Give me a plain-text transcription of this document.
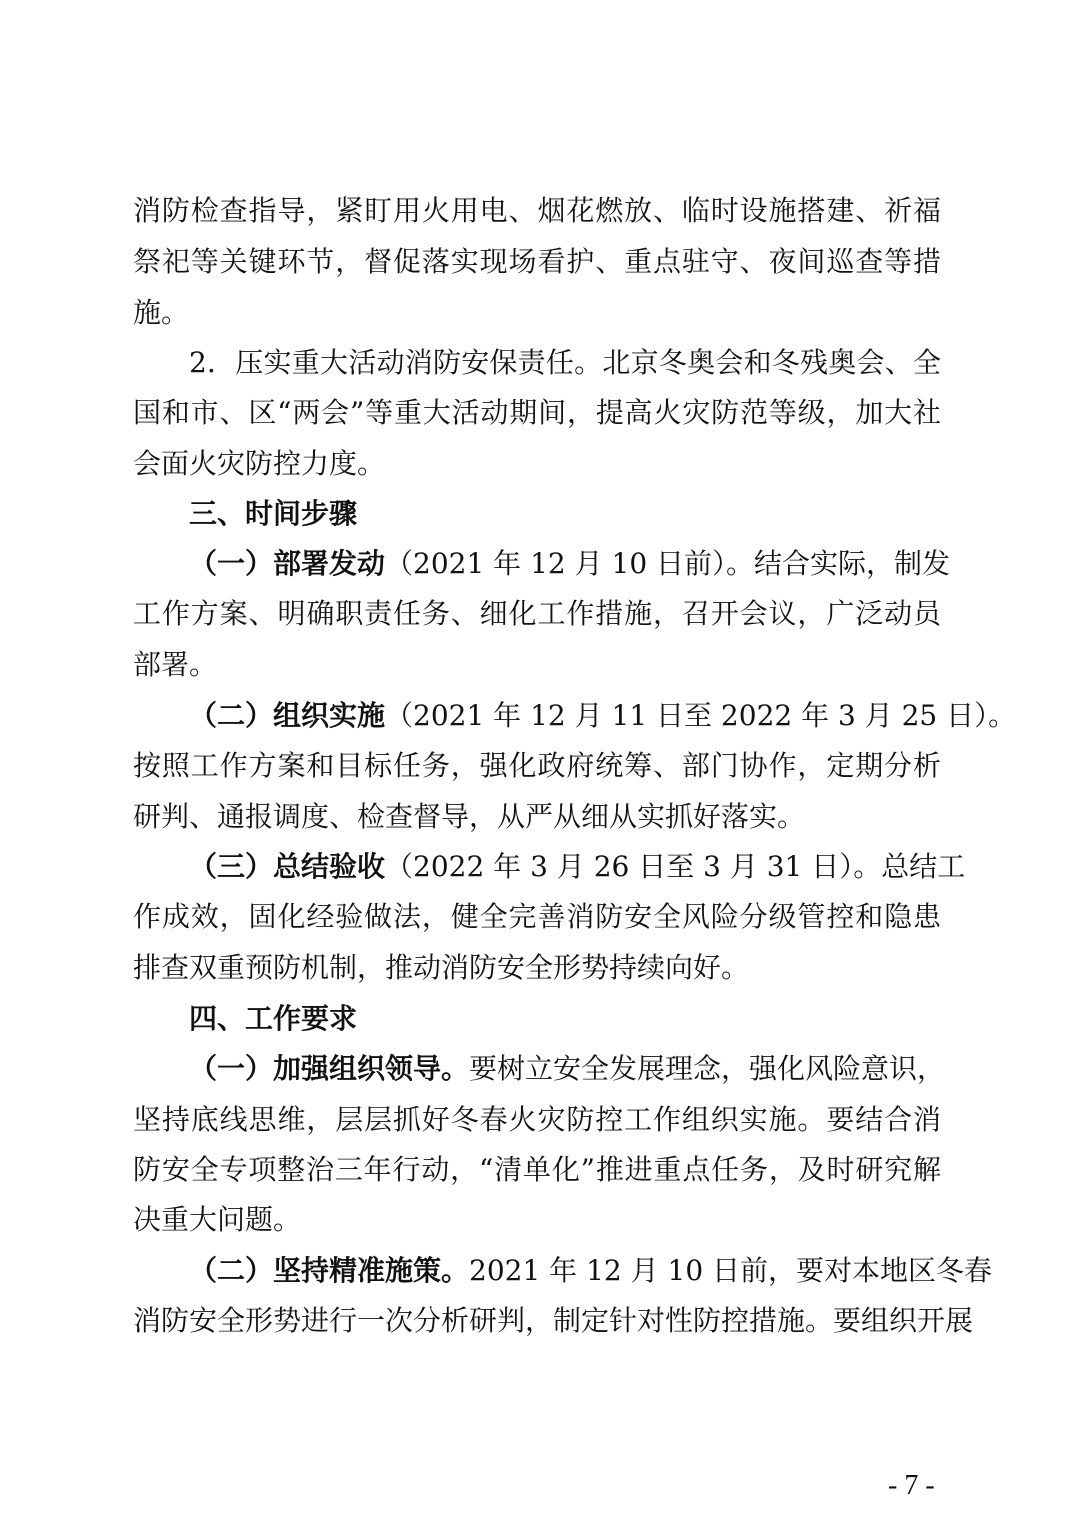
消防检查指导，紧盯用火用电、烟花燃放、临时设施搭建、祈福
祭祀等关键环节，督促落实现场看护、重点驻守、夜间巡查等措
施。
2．压实重大活动消防安保责任。北京冬奥会和冬残奥会、全
国和市、区“两会”等重大活动期间，提高火灾防范等级，加大社
会面火灾防控力度。
三、时间步骤
（一）部署发动（2021 年 12 月 10 日前）。结合实际，制发
工作方案、明确职责任务、细化工作措施，召开会议，广泛动员
部署。
（二）组织实施（2021 年 12 月 11 日至 2022 年 3 月 25 日）。
按照工作方案和目标任务，强化政府统筹、部门协作，定期分析
研判、通报调度、检查督导，从严从细从实抓好落实。
（三）总结验收（2022 年 3 月 26 日至 3 月 31 日）。总结工
作成效，固化经验做法，健全完善消防安全风险分级管控和隐患
排查双重预防机制，推动消防安全形势持续向好。
四、工作要求
（一）加强组织领导。要树立安全发展理念，强化风险意识，
坚持底线思维，层层抓好冬春火灾防控工作组织实施。要结合消
防安全专项整治三年行动，“清单化”推进重点任务，及时研究解
决重大问题。
（二）坚持精准施策。2021 年 12 月 10 日前，要对本地区冬春
消防安全形势进行一次分析研判，制定针对性防控措施。要组织开展
- 7 -
